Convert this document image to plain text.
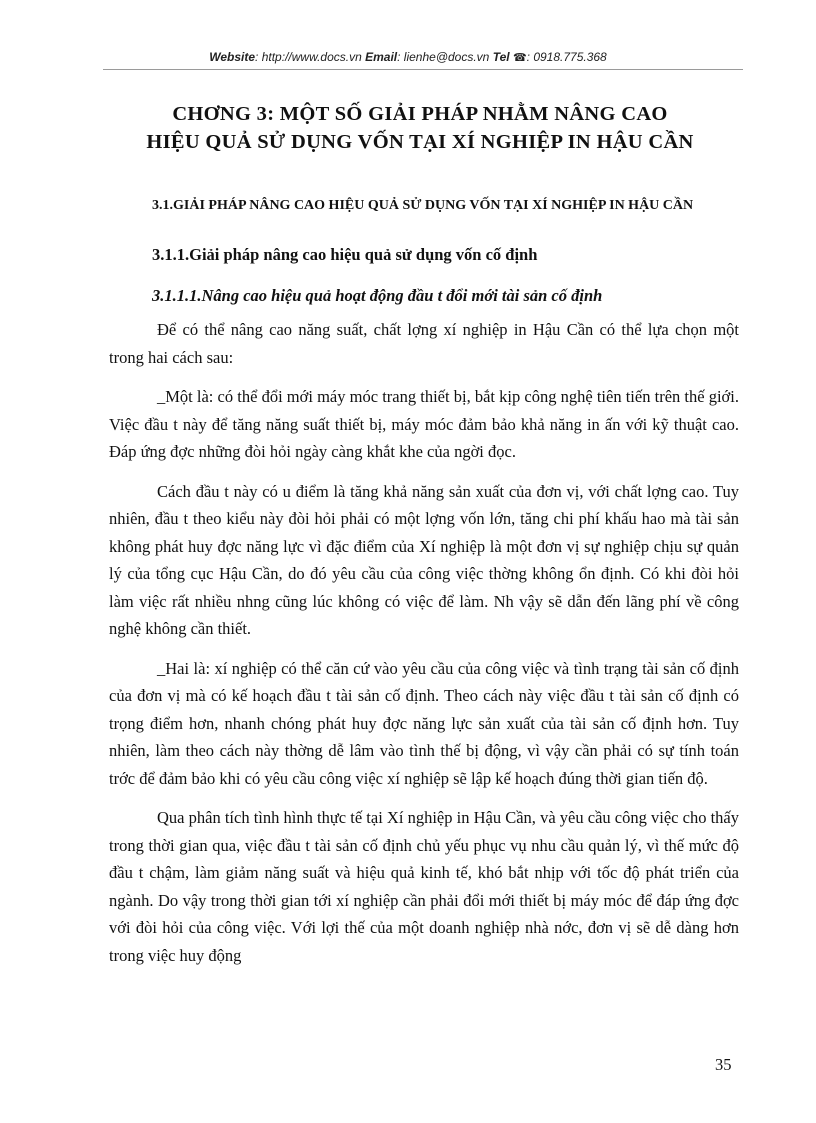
Website: http://www.docs.vn Email: lienhe@docs.vn Tel ☎: 0918.775.368
CHƠNG 3: MỘT SỐ GIẢI PHÁP NHẰM NÂNG CAO
HIỆU QUẢ SỬ DỤNG VỐN TẠI XÍ NGHIỆP IN HẬU CẦN
3.1.GIẢI PHÁP NÂNG CAO HIỆU QUẢ SỬ DỤNG VỐN TẠI XÍ NGHIỆP IN HẬU CẦN
3.1.1.Giải pháp nâng cao hiệu quả sử dụng vốn cố định
3.1.1.1.Nâng cao hiệu quả hoạt động đầu t đổi mới tài sản cố định

Để có thể nâng cao năng suất, chất lợng xí nghiệp in Hậu Cần có thể lựa chọn một trong hai cách sau:

_Một là: có thể đổi mới máy móc trang thiết bị, bắt kịp công nghệ tiên tiến trên thế giới. Việc đầu t này để tăng năng suất thiết bị, máy móc đảm bảo khả năng in ấn với kỹ thuật cao. Đáp ứng đợc những đòi hỏi ngày càng khắt khe của ngời đọc.

Cách đầu t này có u điểm là tăng khả năng sản xuất của đơn vị, với chất lợng cao. Tuy nhiên, đầu t theo kiểu này đòi hỏi phải có một lợng vốn lớn, tăng chi phí khấu hao mà tài sản không phát huy đợc năng lực vì đặc điểm của Xí nghiệp là một đơn vị sự nghiệp chịu sự quản lý của tổng cục Hậu Cần, do đó yêu cầu của công việc thờng không ổn định. Có khi đòi hỏi làm việc rất nhiều nhng cũng lúc không có việc để làm. Nh vậy sẽ dẫn đến lãng phí về công nghệ không cần thiết.

_Hai là: xí nghiệp có thể căn cứ vào yêu cầu của công việc và tình trạng tài sản cố định của đơn vị mà có kế hoạch đầu t tài sản cố định. Theo cách này việc đầu t tài sản cố định có trọng điểm hơn, nhanh chóng phát huy đợc năng lực sản xuất của tài sản cố định hơn. Tuy nhiên, làm theo cách này thờng dễ lâm vào tình thế bị động, vì vậy cần phải có sự tính toán trớc để đảm bảo khi có yêu cầu công việc xí nghiệp sẽ lập kế hoạch đúng thời gian tiến độ.

Qua phân tích tình hình thực tế tại Xí nghiệp in Hậu Cần, và yêu cầu công việc cho thấy trong thời gian qua, việc đầu t tài sản cố định chủ yếu phục vụ nhu cầu quản lý, vì thế mức độ đầu t chậm, làm giảm năng suất và hiệu quả kinh tế, khó bắt nhịp với tốc độ phát triển của ngành. Do vậy trong thời gian tới xí nghiệp cần phải đổi mới thiết bị máy móc để đáp ứng đợc với đòi hỏi của công việc. Với lợi thế của một doanh nghiệp nhà nớc, đơn vị sẽ dễ dàng hơn trong việc huy động

35
